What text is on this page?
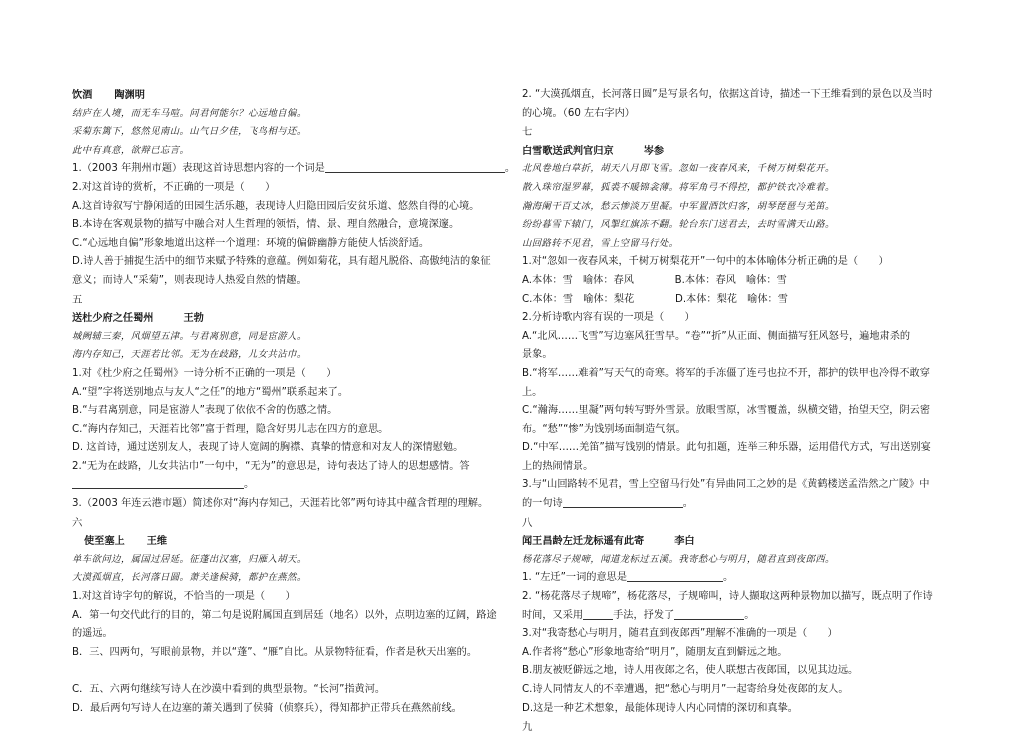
饮酒 陶渊明
结庐在人境，而无车马喧。问君何能尔？心远地自偏。
采菊东篱下，悠然见南山。山气日夕佳，飞鸟相与还。
此中有真意，欲辩已忘言。
1.（2003 年荆州市题）表现这首诗思想内容的一个词是	。
2.对这首诗的赏析，不正确的一项是（　　）
A.这首诗叙写宁静闲适的田园生活乐趣，表现诗人归隐田园后安贫乐道、悠然自得的心境。
B.本诗在客观景物的描写中融合对人生哲理的领悟，情、景、理自然融合，意境深邃。
C.“心远地自偏”形象地道出这样一个道理：环境的偏僻幽静方能使人恬淡舒适。
D.诗人善于捕捉生活中的细节来赋予特殊的意蕴。例如菊花，具有超凡脱俗、高傲纯洁的象征
意义；而诗人“采菊”，则表现诗人热爱自然的情趣。
五
送杜少府之任蜀州	王勃
城阙辅三秦，风烟望五津。与君离别意，同是宦游人。
海内存知己，天涯若比邻。无为在歧路，儿女共沾巾。
1.对《杜少府之任蜀州》一诗分析不正确的一项是（　　）
A.“望”字将送别地点与友人“之任”的地方“蜀州”联系起来了。
B.“与君离别意，同是宦游人”表现了依依不舍的伤感之情。
C.“海内存知己，天涯若比邻”富于哲理，隐含好男儿志在四方的意思。
D. 这首诗，通过送别友人，表现了诗人宽阔的胸襟、真挚的情意和对友人的深情慰勉。
2.“无为在歧路，儿女共沾巾”一句中，“无为”的意思是，诗句表达了诗人的思想感情。答
。
3.（2003 年连云港市题）简述你对“海内存知己，天涯若比邻”两句诗其中蕴含哲理的理解。
六
使至塞上 王维
单车欲问边，属国过居延。征蓬出汉塞，归雁入胡天。
大漠孤烟直，长河落日圆。萧关逢候骑，都护在燕然。
1.对这首诗字句的解说，不恰当的一项是（　　）
A．第一句交代此行的目的，第二句是说附属国直到居廷（地名）以外，点明边塞的辽阔，路途
的遥远。
B．三、四两句，写眼前景物，并以“蓬”、“雁”自比。从景物特征看，作者是秋天出塞的。
C．五、六两句继续写诗人在沙漠中看到的典型景物。“长河”指黄河。
D．最后两句写诗人在边塞的萧关遇到了侯骑（侦察兵），得知都护正带兵在燕然前线。
2. “大漠孤烟直，长河落日圆”是写景名句，依据这首诗，描述一下王维看到的景色以及当时
的心境。（60 左右字内）
七
白雪歌送武判官归京	岑参
北风卷地白草折，胡天八月即飞雪。忽如一夜春风来，千树万树梨花开。
散入珠帘湿罗幕，狐裘不暖锦衾薄。将军角弓不得控，都护铁衣冷难着。
瀚海阑干百丈冰，愁云惨淡万里凝。中军置酒饮归客，胡琴琵琶与羌笛。
纷纷暮雪下辕门，风掣红旗冻不翻。轮台东门送君去，去时雪满天山路。
山回路转不见君，雪上空留马行处。
1.对“忽如一夜春风来，千树万树梨花开”一句中的本体喻体分析正确的是（　　）
A.本体：雪　喻体：春风　　　　B.本体：春风　喻体：雪
C.本体：雪　喻体：梨花　　　　D.本体：梨花　喻体：雪
2.分析诗歌内容有误的一项是（　　）
A.“北风……飞雪”写边塞风狂雪早。“卷”“折”从正面、侧面描写狂风怒号，遍地肃杀的
景象。
B.“将军……难着”写天气的奇寒。将军的手冻僵了连弓也拉不开，都护的铁甲也冷得不敢穿
上。
C.“瀚海……里凝”两句转写野外雪景。放眼雪原，冰雪覆盖，纵横交错，抬望天空，阴云密
布。“愁”“惨”为饯别场面制造气氛。
D.“中军……羌笛”描写饯别的情景。此句扣题，连举三种乐器，运用借代方式，写出送别宴
上的热闹情景。
3.与“山回路转不见君，雪上空留马行处”有异曲同工之妙的是《黄鹤楼送孟浩然之广陵》中
的一句诗	。
八
闻王昌龄左迁龙标遥有此寄	李白
杨花落尽子规啼，闻道龙标过五溪。我寄愁心与明月，随君直到夜郎西。
1. “左迁”一词的意思是	。
2. “杨花落尽子规啼”，杨花落尽，子规啼叫，诗人撷取这两种景物加以描写，既点明了作诗
时间，又采用	手法，抒发了	。
3.对“我寄愁心与明月，随君直到夜郎西”理解不准确的一项是（　　）
A.作者将“愁心”形象地寄给“明月”，随朋友直到僻远之地。
B.朋友被贬僻远之地，诗人用夜郎之名，使人联想古夜郎国，以见其边远。
C.诗人同情友人的不幸遭遇，把“愁心与明月”一起寄给身处夜郎的友人。
D.这是一种艺术想象，最能体现诗人内心同情的深切和真挚。
九
